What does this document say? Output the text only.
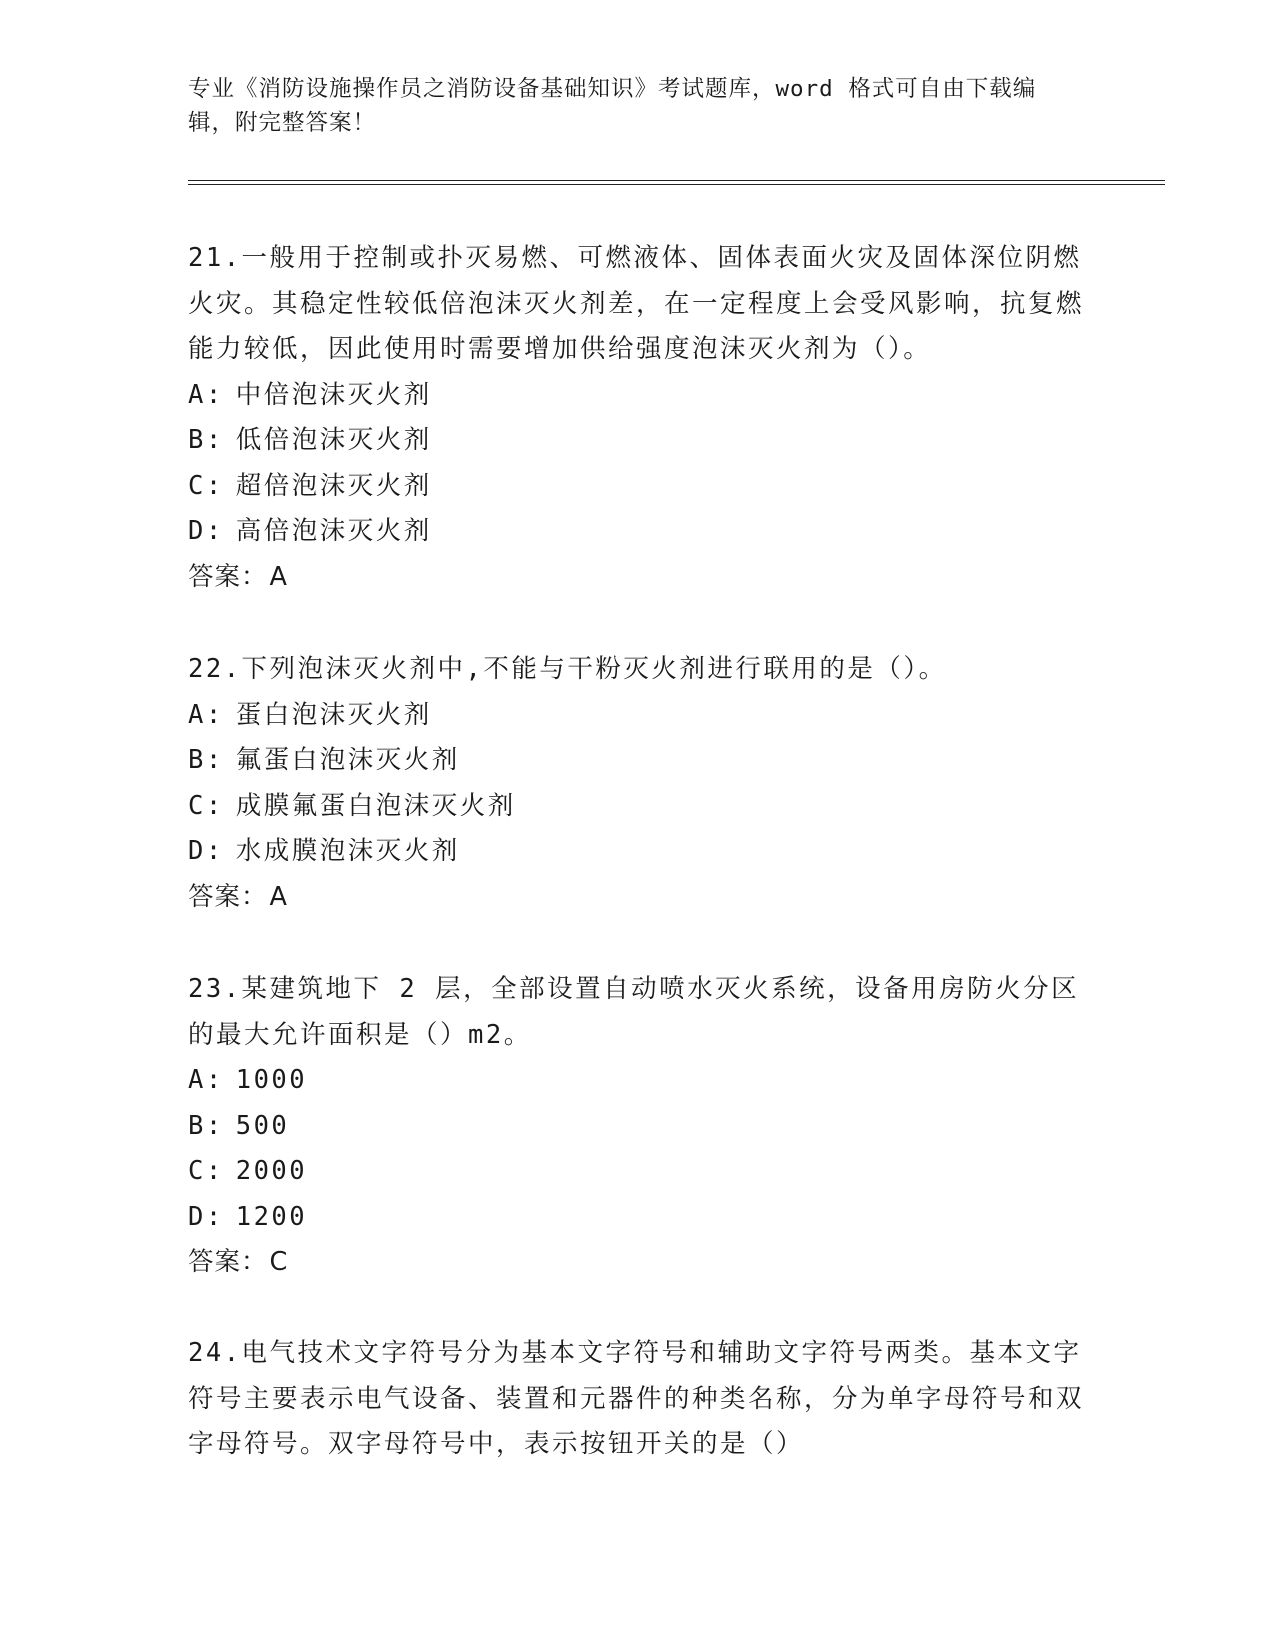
专业《消防设施操作员之消防设备基础知识》考试题库，word 格式可自由下载编辑，附完整答案！
21.一般用于控制或扑灭易燃、可燃液体、固体表面火灾及固体深位阴燃火灾。其稳定性较低倍泡沫灭火剂差，在一定程度上会受风影响，抗复燃能力较低，因此使用时需要增加供给强度泡沫灭火剂为（）。
A: 中倍泡沫灭火剂
B: 低倍泡沫灭火剂
C: 超倍泡沫灭火剂
D: 高倍泡沫灭火剂
答案：A
22.下列泡沫灭火剂中,不能与干粉灭火剂进行联用的是（）。
A: 蛋白泡沫灭火剂
B: 氟蛋白泡沫灭火剂
C: 成膜氟蛋白泡沫灭火剂
D: 水成膜泡沫灭火剂
答案：A
23.某建筑地下 2 层，全部设置自动喷水灭火系统，设备用房防火分区的最大允许面积是（）m2。
A: 1000
B: 500
C: 2000
D: 1200
答案：C
24.电气技术文字符号分为基本文字符号和辅助文字符号两类。基本文字符号主要表示电气设备、装置和元器件的种类名称，分为单字母符号和双字母符号。双字母符号中，表示按钮开关的是（）
